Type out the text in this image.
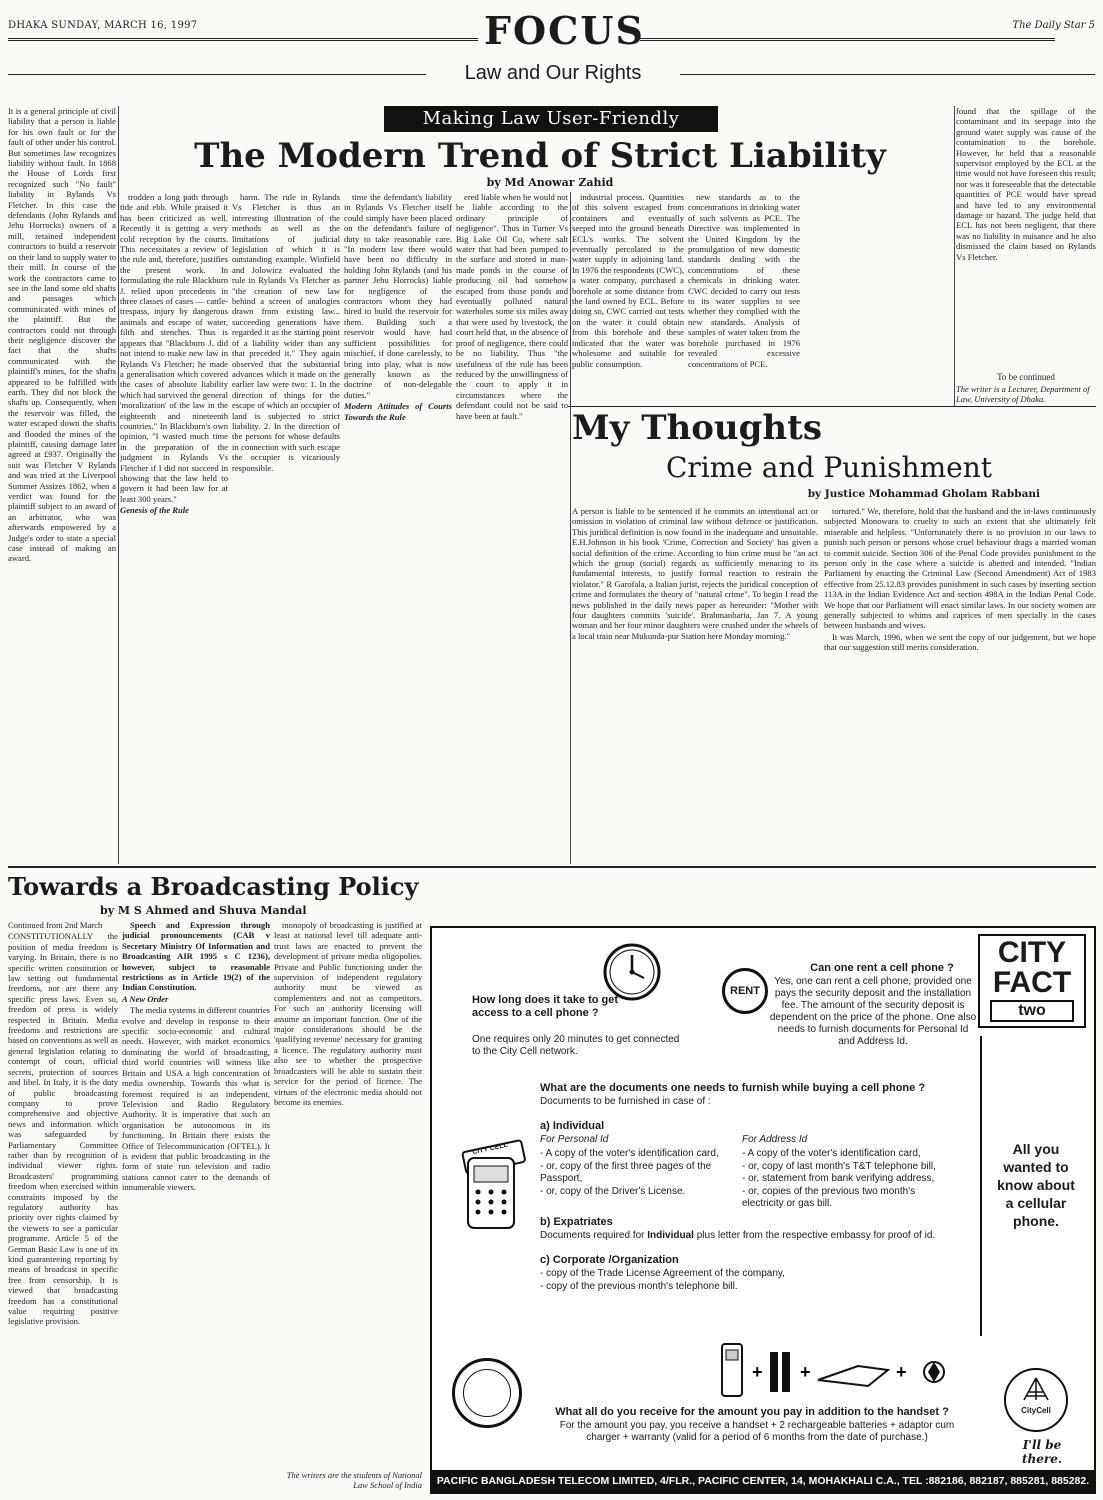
DHAKA SUNDAY, MARCH 16, 1997	FOCUS	The Daily Star 5
Law and Our Rights
Making Law User-Friendly
The Modern Trend of Strict Liability
by Md Anowar Zahid

It is a general principle of civil liability that a person is liable for his own fault or for the fault of other under his control. But sometimes law recognizes liability without fault. In 1868 the House of Lords first recognized such "No fault" liability in Rylands Vs Fletcher. In this case the defendants (John Rylands and Jehu Horrocks) owners of a mill, retained independent contractors to build a reservoir on their land to supply water to their mill. In course of the work the contractors came to see in the land some old shafts and passages which communicated with mines of the plaintiff. But the contractors could not through their negligence discover the fact that the shafts communicated with the plaintiff's mines, for the shafts appeared to be fulfilled with earth. They did not block the shafts up. Consequently, when the reservoir was filled, the water escaped down the shafts and flooded the mines of the plaintiff, causing damage later agreed at £937. Originally the suit was Fletcher V Rylands and was tried at the Liverpool Summer Assizes 1862, when a verdict was found for the plaintiff subject to an award of an arbitrator, who was afterwards empowered by a Judge's order to state a special case instead of making an award.

trodden a long path through tide and ebb. While praised it has been criticized as well. Recently it is getting a very cold reception by the courts. This necessitates a review of the rule and, therefore, justifies the present work. In formulating the rule Blackburn J. relied upon precedents in three classes of cases — cattle-trespass, injury by dangerous animals and escape of water, filth and stenches. Thus is appears that "Blackburn J. did not intend to make new law in Rylands Vs Fletcher; he made a generalisation which covered the cases of absolute liability which had survived the general 'moralization' of the law in the eighteenth and nineteenth countries." In Blackburn's own opinion, "I wasted much time in the preparation of the judgment in Rylands Vs Fletcher if I did not succeed in showing that the law held to govern it had been law for at least 300 years."

Genesis of the Rule

harm. The rule in Rylands Vs Fletcher is thus an interesting illustration of the methods as well as the limitations of judicial legislation of which it is outstanding example. Winfield and Jolowicz evaluated the rule in Rylands Vs Fletcher as "the creation of new law behind a screen of analogies drawn from existing law... succeeding generations have regarded it as the starting point of a liability wider than any that preceded it." They again observed that the substantial advances which it made on the earlier law were two: 1. In the direction of things for the escape of which an occupier of land is subjected to strict liability. 2. In the direction of the persons for whose defaults in connection with such escape the occupier is vicariously responsible.

time the defendant's liability in Rylands Vs Fletcher itself could simply have been placed on the defendant's failure of duty to take reasonable care. "In modern law there would have been no difficulty in holding John Rylands (and his partner Jehu Horrocks) liable for negligence of the contractors whom they had hired to build the reservoir for them. Building such a reservoir would have had sufficient possibilities for mischief, if done carelessly, to bring into play, what is now generally known as the doctrine of non-delegable duties."

Modern Attitudes of Courts Towards the Rule

ered liable when he would not be liable according to the ordinary principle of negligence". Thus in Turner Vs Big Lake Oil Co, where salt water that had been pumped to the surface and stored in man-made ponds in the course of producing oil had somehow escaped from those ponds and eventually polluted natural waterholes some six miles away that were used by livestock, the court held that, in the absence of proof of negligence, there could be no liability. Thus "the usefulness of the rule has been reduced by the unwillingness of the court to apply it in circumstances where the defendant could not be said to have been at fault."

industrial process. Quantities of this solvent escaped from containers and eventually seeped into the ground beneath ECL's works. The solvent eventually percolated to the water supply in adjoining land. In 1976 the respondents (CWC), a water company, purchased a borehole at some distance from the land owned by ECL. Before doing so, CWC carried out tests on the water it could obtain from this borehole and these indicated that the water was wholesome and suitable for public consumption.

new standards as to the concentrations in drinking water of such solvents as PCE. The Directive was implemented in the United Kingdom by the promulgation of new domestic standards dealing with the concentrations of these chemicals in drinking water. CWC decided to carry out tests to its water supplies to see whether they complied with the new standards. Analysis of samples of water taken from the borehole purchased in 1976 revealed excessive concentrations of PCE.

found that the spillage of the contaminant and its seepage into the ground water supply was cause of the contamination to the borehole. However, he held that a reasonable supervisor employed by the ECL at the time would not have foreseen this result; nor was it foreseeable that the detectable quantities of PCE would have spread and have led to any environmental damage or hazard. The judge held that ECL has not been negligent, that there was no liability in nuisance and he also dismissed the claim based on Rylands Vs Fletcher.

To be continued
The writer is a Lecturer, Department of Law, University of Dhaka.
My Thoughts
Crime and Punishment
by Justice Mohammad Gholam Rabbani

A person is liable to be sentenced if he commits an intentional act or omission in violation of criminal law without defence or justification. This juridical definition is now found in the inadequate and unsuitable. E.H.Johnson in his book 'Crime, Correction and Society' has given a social definition of the crime. According to him crime must be "an act which the group (social) regards as sufficiently menacing to its fundamental interests, to justify formal reaction to restrain the violator." R Garofala, a Italian jurist, rejects the juridical conception of crime and formulates the theory of "natural crime". To begin I read the news published in the daily news paper as hereunder: "Mother with four daughters commits 'suicide'. Brahmanbaria, Jan 7. A young woman and her four minor daughters were crushed under the wheels of a local train near Mukunda-pur Station here Monday morning."

tortured." We, therefore, hold that the husband and the in-laws continuously subjected Monowara to cruelty to such an extent that she ultimately felt miserable and helpless. "Unfortunately there is no provision in our laws to punish such person or persons whose cruel behaviour drags a married woman to commit suicide. Section 306 of the Penal Code provides punishment to the person only in the case where a suicide is abetted and intended. "Indian Parliament by enacting the Criminal Law (Second Amendment) Act of 1983 effective from 25.12.83 provides punishment in such cases by inserting section 113A in the Indian Evidence Act and section 498A in the Indian Penal Code. We hope that our Parliament will enact similar laws. In our society women are generally subjected to whims and caprices of men specially in the cases between husbands and wives.

It was March, 1996, when we sent the copy of our judgement, but we hope that our suggestion still merits consideration.

Towards a Broadcasting Policy
by M S Ahmed and Shuva Mandal

Continued from 2nd March

CONSTITUTIONALLY the position of media freedom is varying. In Britain, there is no specific written constitution or law setting out fundamental freedoms, nor are there any specific press laws. Even so, freedom of press is widely respected in Britain. Media freedoms and restrictions are based on conventions as well as general legislation relating to contempt of court, official secrets, protection of sources and libel. In Italy, it is the duty of public broadcasting company to prove comprehensive and objective news and information which was safeguarded by Parliamentary Committee rather than by recognition of individual viewer rights. Broadcasters' programming freedom when exercised within constraints imposed by the regulatory authority has priority over rights claimed by the viewers to see a particular programme. Article 5 of the German Basic Law is one of its kind guaranteeing reporting by means of broadcast in specific free from censorship. It is viewed that broadcasting freedom has a constitutional value requiring positive legislative provision.

Speech and Expression through judicial pronouncements (CAB v Secretary Ministry Of Information and Broadcasting AIR 1995 s C 1236), however, subject to reasonable restrictions as in Article 19(2) of the Indian Constitution.

A New Order

The media systems in different countries evolve and develop in response to their specific socio-economic and cultural needs. However, with market economics dominating the world of broadcasting, third world countries will witness like Britain and USA a high concentration of media ownership. Towards this what is foremost required is an independent, Television and Radio Regulatory Authority. It is imperative that such an organisation be autonomous in its functioning. In Britain there exists the Office of Telecommunication (OFTEL). It is evident that public broadcasting in the form of state run television and radio stations cannot cater to the demands of innumerable viewers.

monopoly of broadcasting is justified at least at national level till adequate anti-trust laws are enacted to prevent the development of private media oligopolies. Private and Public functioning under the supervision of independent regulatory authority must be viewed as complementers and not as competitors. For such an authority licensing will assume an important function. One of the major considerations should be the 'qualifying revenue' necessary for granting a licence. The regulatory authority must also see to whether the prospective broadcasters will be able to sustain their service for the period of licence. The virtues of the electronic media should not become its enemies.

The writers are the students of National Law School of India
CITY
FACT
two
How long does it take to get access to a cell phone ?
One requires only 20 minutes to get connected to the City Cell network.
RENT
Can one rent a cell phone ?
Yes, one can rent a cell phone, provided one pays the security deposit and the installation fee. The amount of the security deposit is dependent on the price of the phone. One also needs to furnish documents for Personal Id and Address Id.
What are the documents one needs to furnish while buying a cell phone ?
Documents to be furnished in case of :
CITY CELL
a) Individual
For Personal Id
- A copy of the voter's identification card,
- or, copy of the first three pages of the Passport,
- or, copy of the Driver's License.
For Address Id
- A copy of the voter's identification card,
- or, copy of last month's T&T telephone bill,
- or, statement from bank verifying address,
- or, copies of the previous two month's electricity or gas bill.
b) Expatriates
Documents required for Individual plus letter from the respective embassy for proof of id.
c) Corporate /Organization
- copy of the Trade License Agreement of the company,
- copy of the previous month's telephone bill.
All you wanted to know about a cellular phone.
+ +	+
What all do you receive for the amount you pay in addition to the handset ?
For the amount you pay, you receive a handset + 2 rechargeable batteries + adaptor cum charger + warranty (valid for a period of 6 months from the date of purchase.)
CityCell
I'll be there.
PACIFIC BANGLADESH TELECOM LIMITED, 4/FLR., PACIFIC CENTER, 14, MOHAKHALI C.A., TEL :882186, 882187, 885281, 885282.
